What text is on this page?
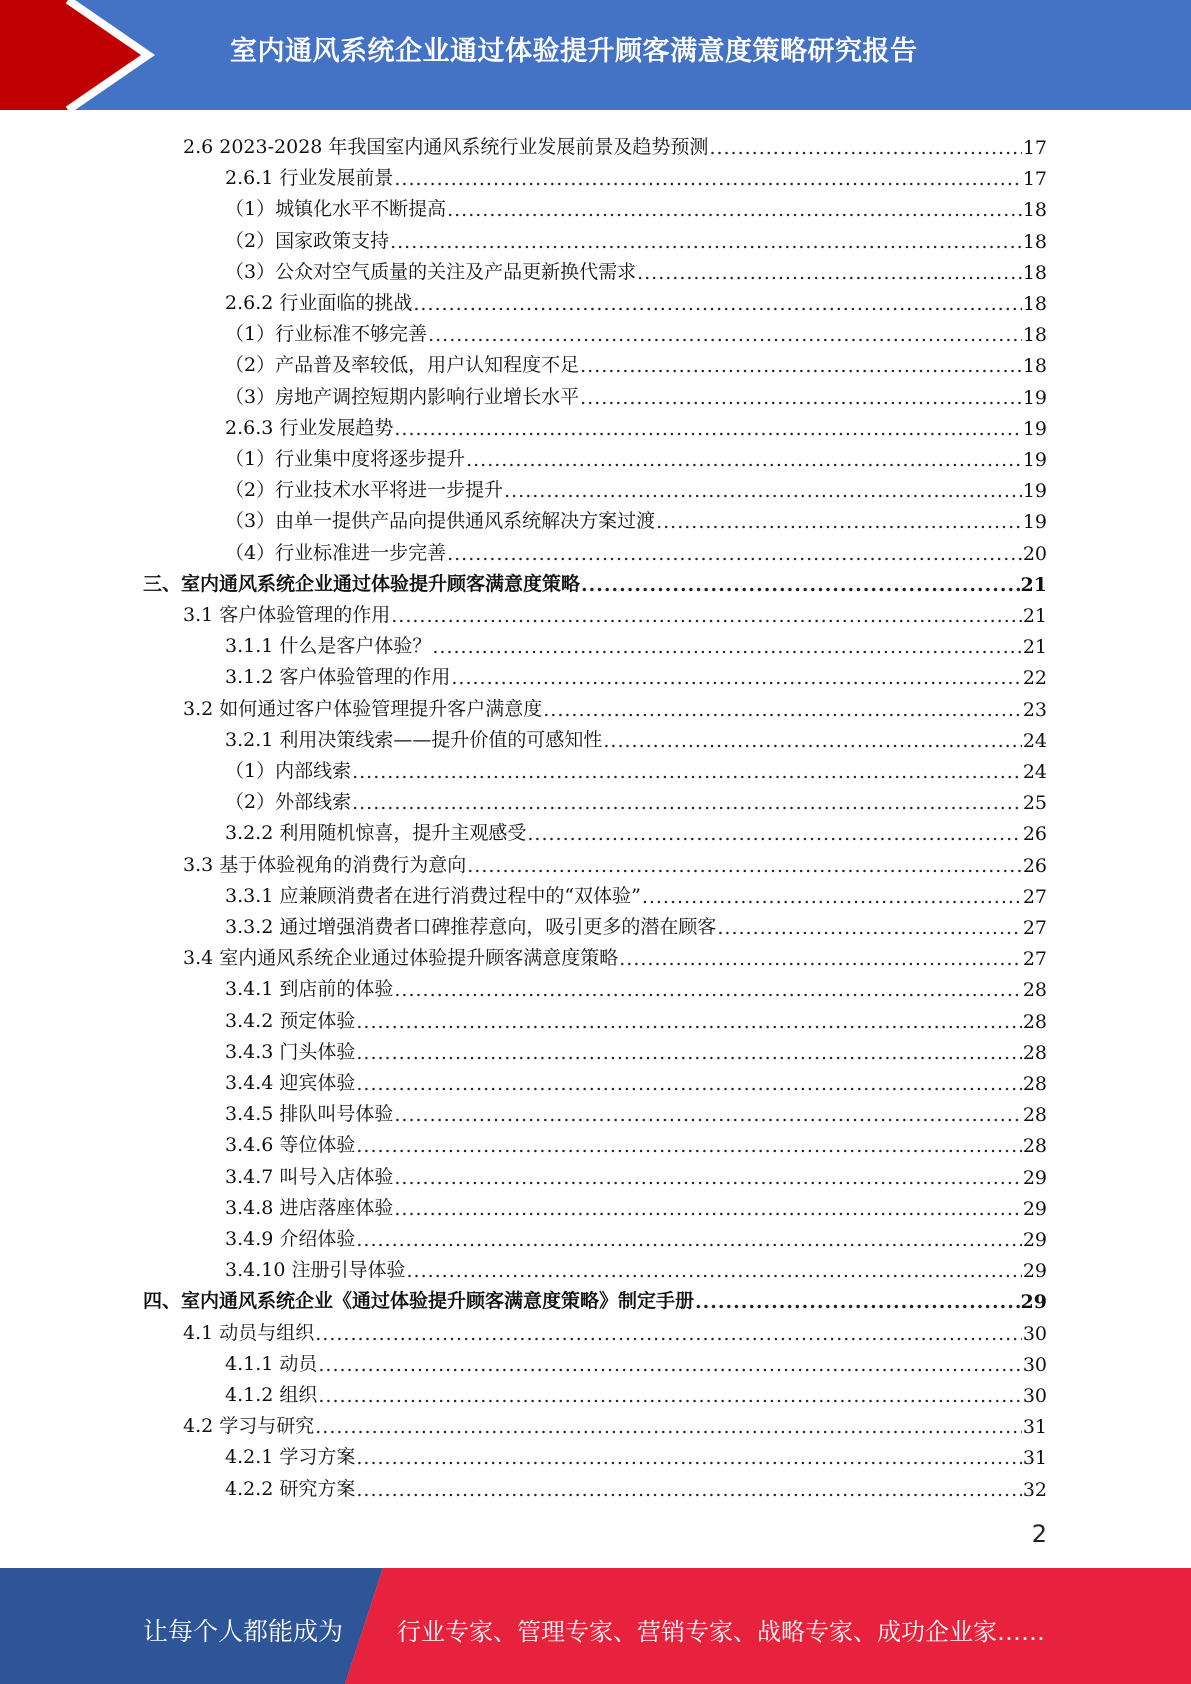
室内通风系统企业通过体验提升顾客满意度策略研究报告
2.6 2023-2028 年我国室内通风系统行业发展前景及趋势预测 .....	17
2.6.1 行业发展前景 .....	17
（1）城镇化水平不断提高 .....	18
（2）国家政策支持 .....	18
（3）公众对空气质量的关注及产品更新换代需求 .....	18
2.6.2 行业面临的挑战 .....	18
（1）行业标准不够完善 .....	18
（2）产品普及率较低，用户认知程度不足 .....	18
（3）房地产调控短期内影响行业增长水平 .....	19
2.6.3 行业发展趋势 .....	19
（1）行业集中度将逐步提升 .....	19
（2）行业技术水平将进一步提升 .....	19
（3）由单一提供产品向提供通风系统解决方案过渡 .....	19
（4）行业标准进一步完善 .....	20
三、室内通风系统企业通过体验提升顾客满意度策略 .....	21
3.1 客户体验管理的作用 .....	21
3.1.1 什么是客户体验？ .....	21
3.1.2 客户体验管理的作用 .....	22
3.2 如何通过客户体验管理提升客户满意度 .....	23
3.2.1 利用决策线索——提升价值的可感知性 .....	24
（1）内部线索 .....	24
（2）外部线索 .....	25
3.2.2 利用随机惊喜，提升主观感受 .....	26
3.3 基于体验视角的消费行为意向 .....	26
3.3.1 应兼顾消费者在进行消费过程中的“双体验” .....	27
3.3.2 通过增强消费者口碑推荐意向，吸引更多的潜在顾客 .....	27
3.4 室内通风系统企业通过体验提升顾客满意度策略 .....	27
3.4.1 到店前的体验 .....	28
3.4.2 预定体验 .....	28
3.4.3 门头体验 .....	28
3.4.4 迎宾体验 .....	28
3.4.5 排队叫号体验 .....	28
3.4.6 等位体验 .....	28
3.4.7 叫号入店体验 .....	29
3.4.8 进店落座体验 .....	29
3.4.9 介绍体验 .....	29
3.4.10 注册引导体验 .....	29
四、室内通风系统企业《通过体验提升顾客满意度策略》制定手册 .....	29
4.1 动员与组织 .....	30
4.1.1 动员 .....	30
4.1.2 组织 .....	30
4.2 学习与研究 .....	31
4.2.1 学习方案 .....	31
4.2.2 研究方案 .....	32
2
让每个人都能成为 行业专家、管理专家、营销专家、战略专家、成功企业家……
